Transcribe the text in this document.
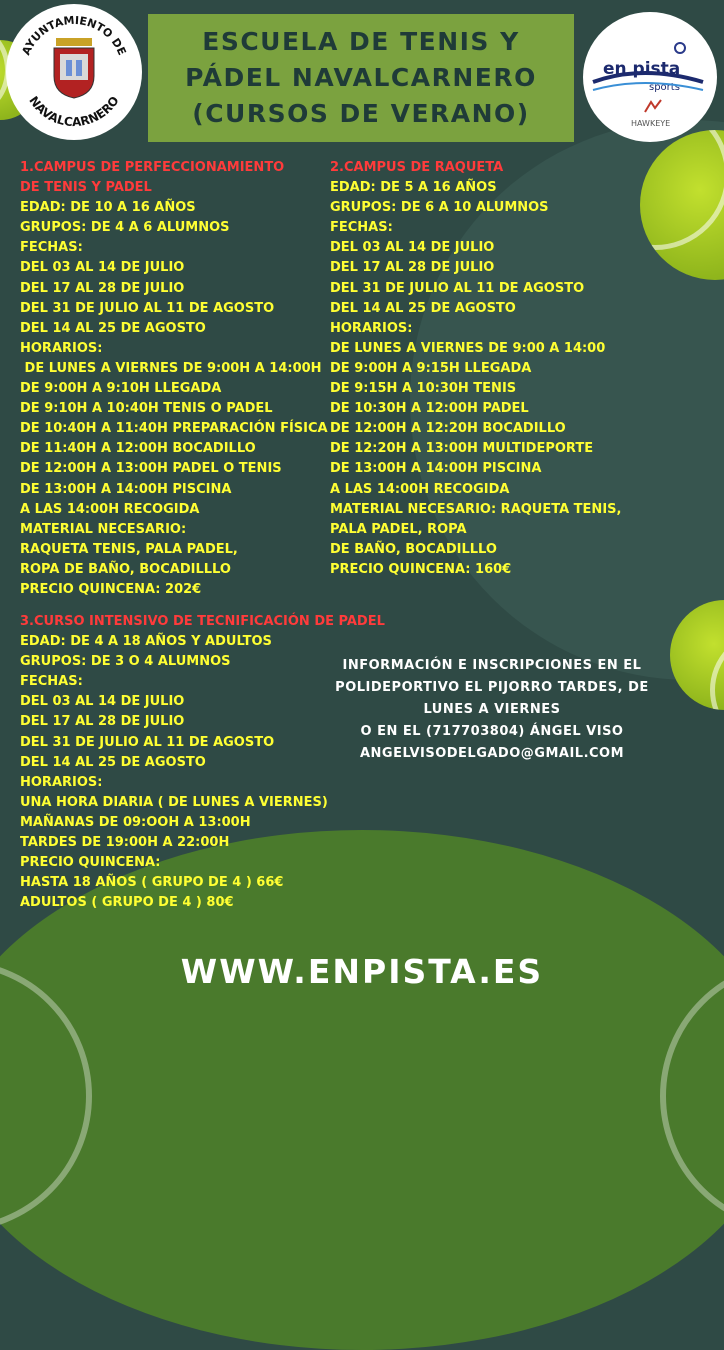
AYUNTAMIENTO DE
NAVALCARNERO
en pista
sports
HAWKEYE
ESCUELA DE TENIS Y
PÁDEL NAVALCARNERO
(CURSOS DE VERANO)
1.CAMPUS DE PERFECCIONAMIENTO
DE TENIS Y PADEL
EDAD: DE 10 A 16 AÑOS
GRUPOS: DE 4 A 6 ALUMNOS
FECHAS:
DEL 03 AL 14 DE JULIO
DEL 17 AL 28 DE JULIO
DEL 31 DE JULIO AL 11 DE AGOSTO
DEL 14 AL 25 DE AGOSTO
HORARIOS:
DE LUNES A VIERNES DE 9:00H A 14:00H
DE 9:00H A 9:10H LLEGADA
DE 9:10H A 10:40H TENIS O PADEL
DE 10:40H A 11:40H PREPARACIÓN FÍSICA
DE 11:40H A 12:00H BOCADILLO
DE 12:00H A 13:00H PADEL O TENIS
DE 13:00H A 14:00H PISCINA
A LAS 14:00H RECOGIDA
MATERIAL NECESARIO:
RAQUETA TENIS, PALA PADEL,
ROPA DE BAÑO, BOCADILLLO
PRECIO QUINCENA: 202€
2.CAMPUS DE RAQUETA
EDAD: DE 5 A 16 AÑOS
GRUPOS: DE 6 A 10 ALUMNOS
FECHAS:
DEL 03 AL 14 DE JULIO
DEL 17 AL 28 DE JULIO
DEL 31 DE JULIO AL 11 DE AGOSTO
DEL 14 AL 25 DE AGOSTO
HORARIOS:
DE LUNES A VIERNES DE 9:00 A 14:00
DE 9:00H A 9:15H LLEGADA
DE 9:15H A 10:30H TENIS
DE 10:30H A 12:00H PADEL
DE 12:00H A 12:20H BOCADILLO
DE 12:20H A 13:00H MULTIDEPORTE
DE 13:00H A 14:00H PISCINA
A LAS 14:00H RECOGIDA
MATERIAL NECESARIO: RAQUETA TENIS,
PALA PADEL, ROPA
DE BAÑO, BOCADILLLO
PRECIO QUINCENA: 160€
3.CURSO INTENSIVO DE TECNIFICACIÓN DE PADEL
EDAD: DE 4 A 18 AÑOS Y ADULTOS
GRUPOS: DE 3 O 4 ALUMNOS
FECHAS:
DEL 03 AL 14 DE JULIO
DEL 17 AL 28 DE JULIO
DEL 31 DE JULIO AL 11 DE AGOSTO
DEL 14 AL 25 DE AGOSTO
HORARIOS:
UNA HORA DIARIA ( DE LUNES A VIERNES)
MAÑANAS DE 09:OOH A 13:00H
TARDES DE 19:00H A 22:00H
PRECIO QUINCENA:
HASTA 18 AÑOS ( GRUPO DE 4 ) 66€
ADULTOS ( GRUPO DE 4 ) 80€
INFORMACIÓN E INSCRIPCIONES EN EL
POLIDEPORTIVO EL PIJORRO TARDES, DE
LUNES A VIERNES
O EN EL (717703804) ÁNGEL VISO
ANGELVISODELGADO@GMAIL.COM
WWW.ENPISTA.ES
